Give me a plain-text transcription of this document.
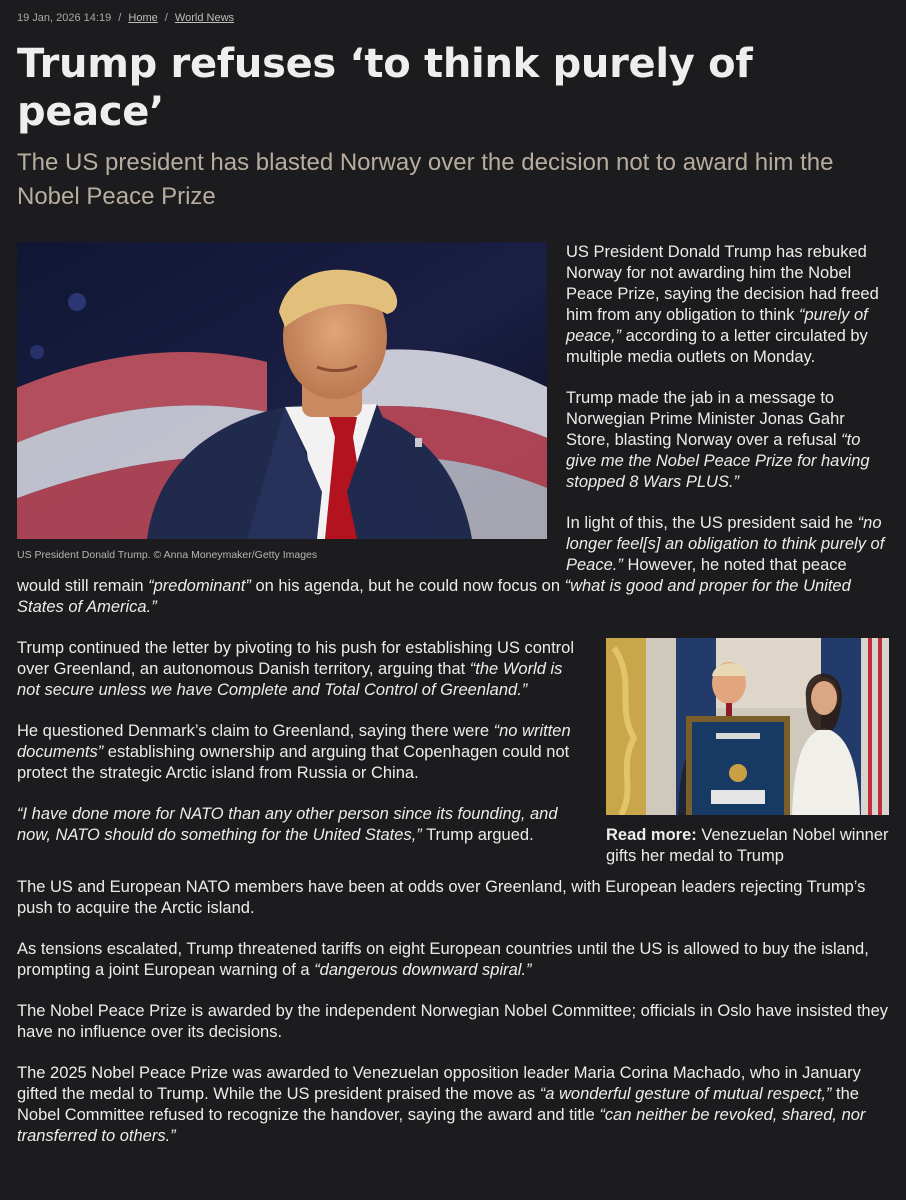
19 Jan, 2026 14:19 / Home / World News
Trump refuses ‘to think purely of peace’
The US president has blasted Norway over the decision not to award him the Nobel Peace Prize
US President Donald Trump. © Anna Moneymaker/Getty Images

US President Donald Trump has rebuked Norway for not awarding him the Nobel Peace Prize, saying the decision had freed him from any obligation to think “purely of peace,” according to a letter circulated by multiple media outlets on Monday.

Trump made the jab in a message to Norwegian Prime Minister Jonas Gahr Store, blasting Norway over a refusal “to give me the Nobel Peace Prize for having stopped 8 Wars PLUS.”

In light of this, the US president said he “no longer feel[s] an obligation to think purely of Peace.” However, he noted that peace would still remain “predominant” on his agenda, but he could now focus on “what is good and proper for the United States of America.”

Read more: Venezuelan Nobel winner gifts her medal to Trump

Trump continued the letter by pivoting to his push for establishing US control over Greenland, an autonomous Danish territory, arguing that “the World is not secure unless we have Complete and Total Control of Greenland.”

He questioned Denmark’s claim to Greenland, saying there were “no written documents” establishing ownership and arguing that Copenhagen could not protect the strategic Arctic island from Russia or China.

“I have done more for NATO than any other person since its founding, and now, NATO should do something for the United States,” Trump argued.

The US and European NATO members have been at odds over Greenland, with European leaders rejecting Trump’s push to acquire the Arctic island.

As tensions escalated, Trump threatened tariffs on eight European countries until the US is allowed to buy the island, prompting a joint European warning of a “dangerous downward spiral.”

The Nobel Peace Prize is awarded by the independent Norwegian Nobel Committee; officials in Oslo have insisted they have no influence over its decisions.

The 2025 Nobel Peace Prize was awarded to Venezuelan opposition leader Maria Corina Machado, who in January gifted the medal to Trump. While the US president praised the move as “a wonderful gesture of mutual respect,” the Nobel Committee refused to recognize the handover, saying the award and title “can neither be revoked, shared, nor transferred to others.”
